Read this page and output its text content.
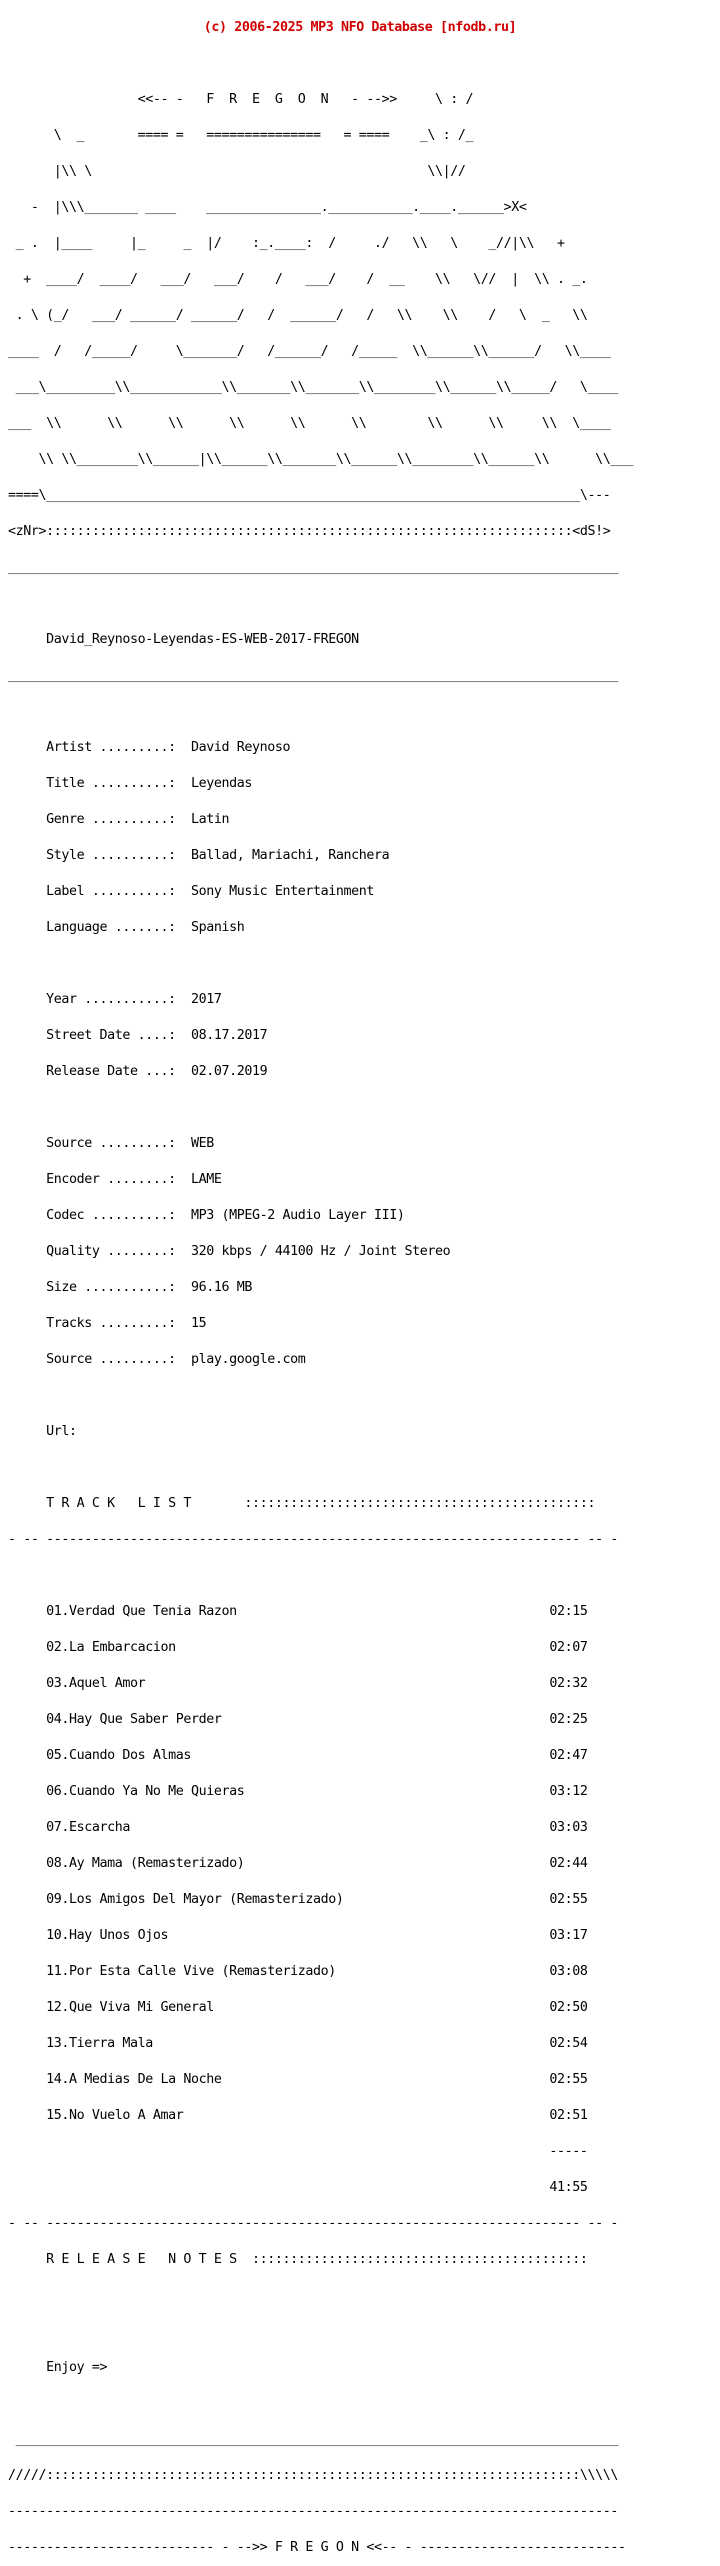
(c) 2006-2025 MP3 NFO Database [nfodb.ru]

<<-- -   F  R  E  G  O  N   - -->>     \ : /

\  _       ==== =   ===============   = ====    _\ : /_

|\\ \                                            \\|//

-  |\\\_______ ____    _______________.___________.____.______>X<

_ .  |____     |_     _  |/    :_.____:  /     ./   \\   \    _//|\\   +

+  ____/  ____/   ___/   ___/    /   ___/    /  __    \\   \//  |  \\ . _.

. \ (_/   ___/ ______/ ______/   /  ______/   /   \\    \\    /   \  _   \\

____  /   /_____/     \_______/   /______/   /_____  \\______\\______/   \\____

___\_________\\____________\\_______\\_______\\________\\______\\_____/   \____

___  \\      \\      \\      \\      \\      \\        \\      \\     \\  \____

\\ \\________\\______|\\______\\_______\\______\\________\\______\\      \\___

====\______________________________________________________________________\---

<zNr>:::::::::::::::::::::::::::::::::::::::::::::::::::::::::::::::::::::<dS!>

________________________________________________________________________________

David_Reynoso-Leyendas-ES-WEB-2017-FREGON

________________________________________________________________________________

Artist .........:  David Reynoso

Title ..........:  Leyendas

Genre ..........:  Latin

Style ..........:  Ballad, Mariachi, Ranchera

Label ..........:  Sony Music Entertainment

Language .......:  Spanish

Year ...........:  2017

Street Date ....:  08.17.2017

Release Date ...:  02.07.2019

Source .........:  WEB

Encoder ........:  LAME

Codec ..........:  MP3 (MPEG-2 Audio Layer III)

Quality ........:  320 kbps / 44100 Hz / Joint Stereo

Size ...........:  96.16 MB

Tracks .........:  15

Source .........:  play.google.com

Url:

T R A C K   L I S T       ::::::::::::::::::::::::::::::::::::::::::::::

- -- ---------------------------------------------------------------------- -- -

01.Verdad Que Tenia Razon                                         02:15

02.La Embarcacion                                                 02:07

03.Aquel Amor                                                     02:32

04.Hay Que Saber Perder                                           02:25

05.Cuando Dos Almas                                               02:47

06.Cuando Ya No Me Quieras                                        03:12

07.Escarcha                                                       03:03

08.Ay Mama (Remasterizado)                                        02:44

09.Los Amigos Del Mayor (Remasterizado)                           02:55

10.Hay Unos Ojos                                                  03:17

11.Por Esta Calle Vive (Remasterizado)                            03:08

12.Que Viva Mi General                                            02:50

13.Tierra Mala                                                    02:54

14.A Medias De La Noche                                           02:55

15.No Vuelo A Amar                                                02:51

-----

41:55

- -- ---------------------------------------------------------------------- -- -

R E L E A S E   N O T E S  ::::::::::::::::::::::::::::::::::::::::::::

Enjoy =>

_______________________________________________________________________________

/////::::::::::::::::::::::::::::::::::::::::::::::::::::::::::::::::::::::\\\\\

--------------------------------------------------------------------------------

--------------------------- - -->> F R E G O N <<-- - ---------------------------
